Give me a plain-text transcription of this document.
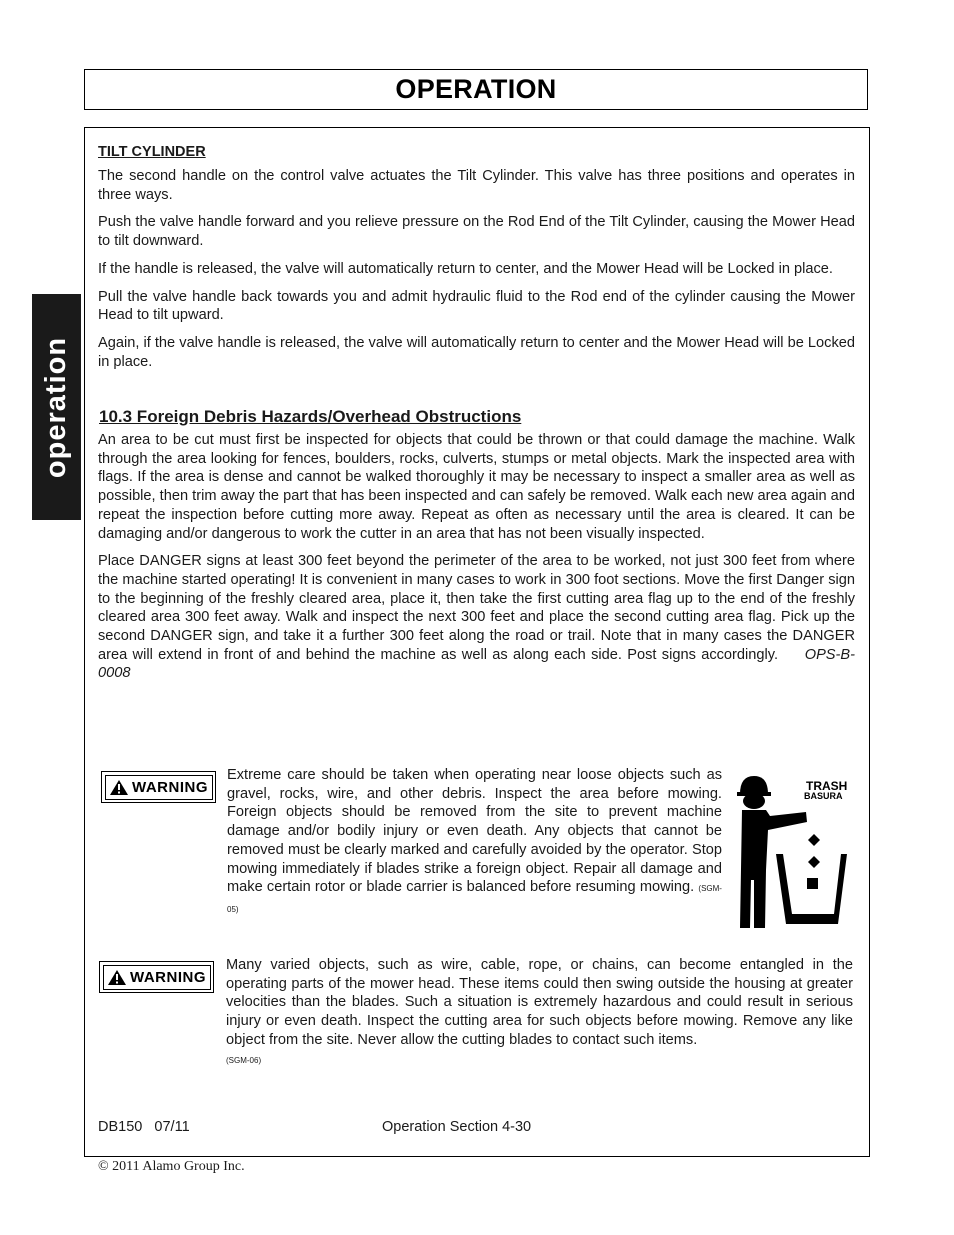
OPERATION
operation
TILT CYLINDER

The second handle on the control valve actuates the Tilt Cylinder. This valve has three positions and operates in three ways.

Push the valve handle forward and you relieve pressure on the Rod End of the Tilt Cylinder, causing the Mower Head to tilt downward.

If the handle is released, the valve will automatically return to center, and the Mower Head will be Locked in place.

Pull the valve handle back towards you and admit hydraulic fluid to the Rod end of the cylinder causing the Mower Head to tilt upward.

Again, if the valve handle is released, the valve will automatically return to center and the Mower Head will be Locked in place.

10.3 Foreign Debris Hazards/Overhead Obstructions

An area to be cut must first be inspected for objects that could be thrown or that could damage the machine. Walk through the area looking for fences, boulders, rocks, culverts, stumps or metal objects. Mark the inspected area with flags. If the area is dense and cannot be walked thoroughly it may be necessary to inspect a smaller area as well as possible, then trim away the part that has been inspected and can safely be removed. Walk each new area again and repeat the inspection before cutting more away. Repeat as often as necessary until the area is cleared. It can be damaging and/or dangerous to work the cutter in an area that has not been visually inspected.

Place DANGER signs at least 300 feet beyond the perimeter of the area to be worked, not just 300 feet from where the machine started operating! It is convenient in many cases to work in 300 foot sections. Move the first Danger sign to the beginning of the freshly cleared area, place it, then take the first cutting area flag up to the end of the freshly cleared area 300 feet away. Walk and inspect the next 300 feet and place the second cutting area flag. Pick up the second DANGER sign, and take it a further 300 feet along the road or trail. Note that in many cases the DANGER area will extend in front of and behind the machine as well as along each side. Post signs accordingly. OPS-B- 0008

WARNING

Extreme care should be taken when operating near loose objects such as gravel, rocks, wire, and other debris. Inspect the area before mowing. Foreign objects should be removed from the site to prevent machine damage and/or bodily injury or even death. Any objects that cannot be removed must be clearly marked and carefully avoided by the operator. Stop mowing immediately if blades strike a foreign object. Repair all damage and make certain rotor or blade carrier is balanced before resuming mowing. (SGM-05)

TRASH
BASURA
WARNING

Many varied objects, such as wire, cable, rope, or chains, can become entangled in the operating parts of the mower head. These items could then swing outside the housing at greater velocities than the blades. Such a situation is extremely hazardous and could result in serious injury or even death. Inspect the cutting area for such objects before mowing. Remove any like object from the site. Never allow the cutting blades to contact such items.
(SGM-06)

DB150   07/11	Operation Section 4-30
© 2011 Alamo Group Inc.
